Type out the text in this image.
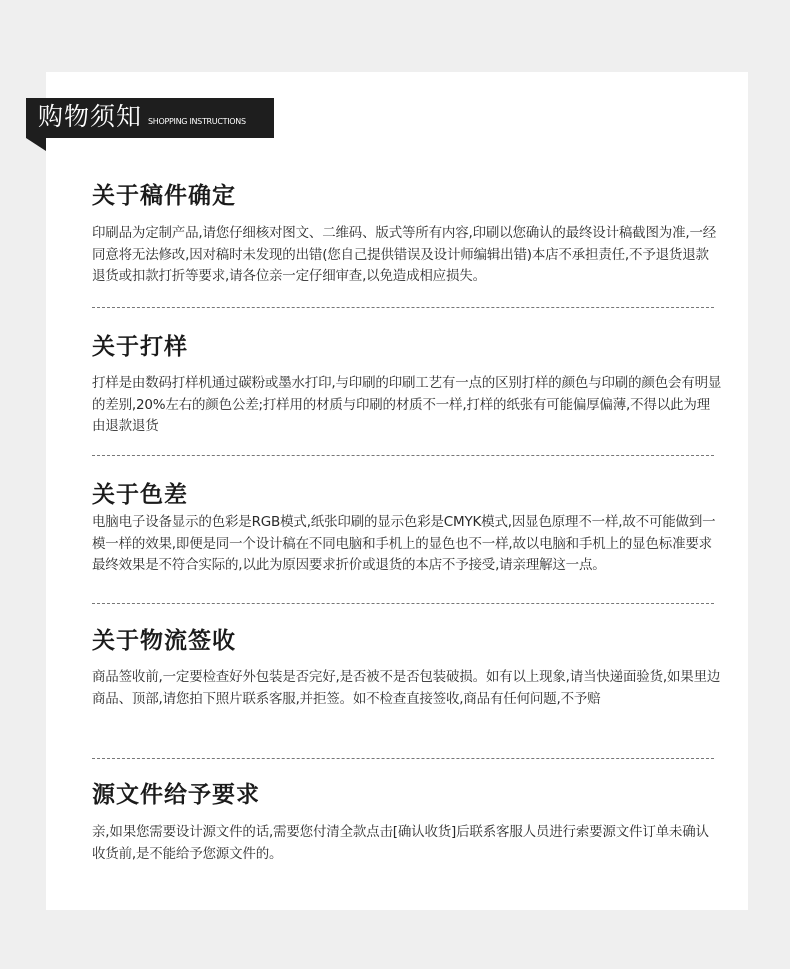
购物须知 SHOPPING INSTRUCTIONS
关于稿件确定
印刷品为定制产品,请您仔细核对图文、二维码、版式等所有内容,印刷以您确认的最终设计稿截图为准,一经同意将无法修改,因对稿时未发现的出错(您自己提供错误及设计师编辑出错)本店不承担责任,不予退货退款退货或扣款打折等要求,请各位亲一定仔细审查,以免造成相应损失。
关于打样
打样是由数码打样机通过碳粉或墨水打印,与印刷的印刷工艺有一点的区别打样的颜色与印刷的颜色会有明显的差别,20%左右的颜色公差;打样用的材质与印刷的材质不一样,打样的纸张有可能偏厚偏薄,不得以此为理由退款退货
关于色差
电脑电子设备显示的色彩是RGB模式,纸张印刷的显示色彩是CMYK模式,因显色原理不一样,故不可能做到一模一样的效果,即便是同一个设计稿在不同电脑和手机上的显色也不一样,故以电脑和手机上的显色标准要求最终效果是不符合实际的,以此为原因要求折价或退货的本店不予接受,请亲理解这一点。
关于物流签收
商品签收前,一定要检查好外包装是否完好,是否被不是否包装破损。如有以上现象,请当快递面验货,如果里边商品、顶部,请您拍下照片联系客服,并拒签。如不检查直接签收,商品有任何问题,不予赔
源文件给予要求
亲,如果您需要设计源文件的话,需要您付清全款点击[确认收货]后联系客服人员进行索要源文件订单未确认收货前,是不能给予您源文件的。
